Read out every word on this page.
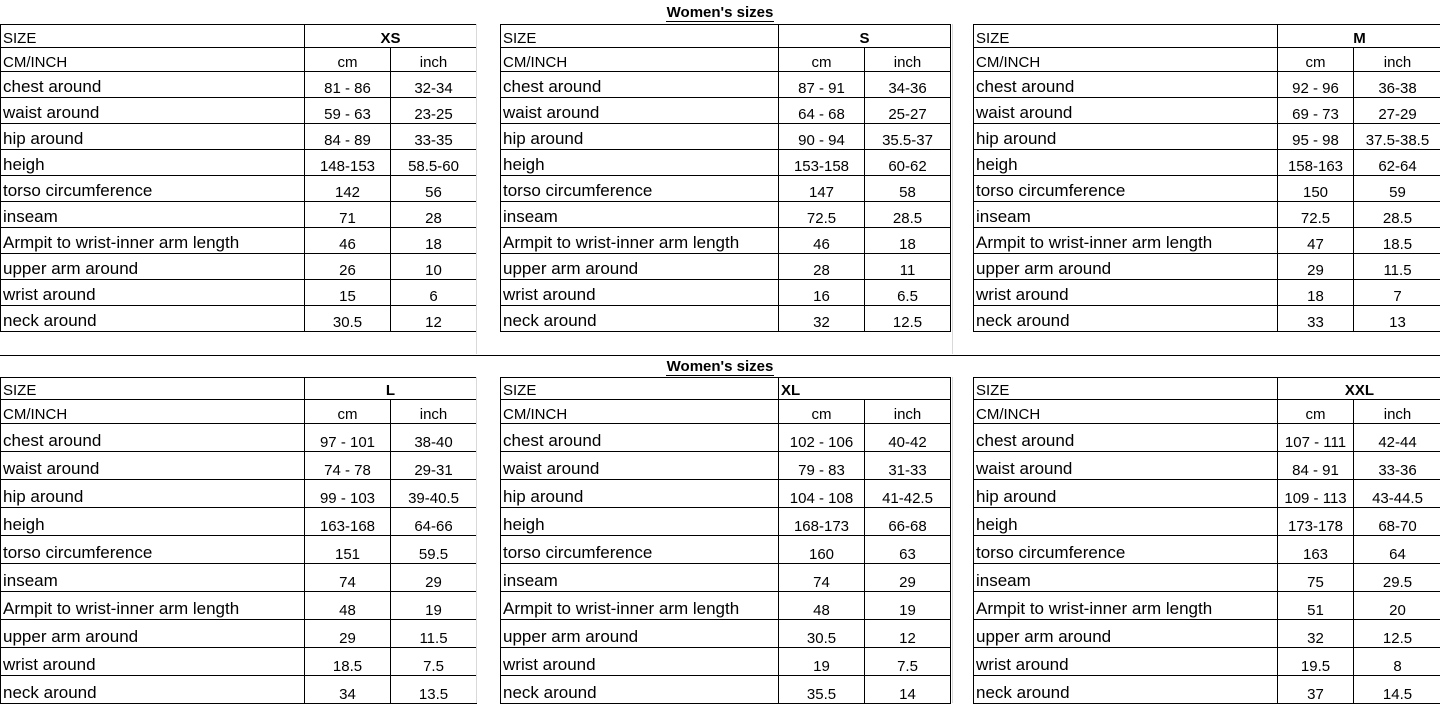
Women's sizes
SIZE	XS	
CM/INCH	cm	inch
chest around	81 - 86	32-34
waist around	59 - 63	23-25
hip around	84 - 89	33-35
heigh	148-153	58.5-60
torso circumference	142	56
inseam	71	28
Armpit to wrist-inner arm length	46	18
upper arm around	26	10
wrist around	15	6
neck around	30.5	12
SIZE	S	
CM/INCH	cm	inch
chest around	87 - 91	34-36
waist around	64 - 68	25-27
hip around	90 - 94	35.5-37
heigh	153-158	60-62
torso circumference	147	58
inseam	72.5	28.5
Armpit to wrist-inner arm length	46	18
upper arm around	28	11
wrist around	16	6.5
neck around	32	12.5
SIZE	M	
CM/INCH	cm	inch
chest around	92 - 96	36-38
waist around	69 - 73	27-29
hip around	95 - 98	37.5-38.5
heigh	158-163	62-64
torso circumference	150	59
inseam	72.5	28.5
Armpit to wrist-inner arm length	47	18.5
upper arm around	29	11.5
wrist around	18	7
neck around	33	13
Women's sizes
SIZE	L	
CM/INCH	cm	inch
chest around	97 - 101	38-40
waist around	74 - 78	29-31
hip around	99 - 103	39-40.5
heigh	163-168	64-66
torso circumference	151	59.5
inseam	74	29
Armpit to wrist-inner arm length	48	19
upper arm around	29	11.5
wrist around	18.5	7.5
neck around	34	13.5
SIZE	XL	
CM/INCH	cm	inch
chest around	102 - 106	40-42
waist around	79 - 83	31-33
hip around	104 - 108	41-42.5
heigh	168-173	66-68
torso circumference	160	63
inseam	74	29
Armpit to wrist-inner arm length	48	19
upper arm around	30.5	12
wrist around	19	7.5
neck around	35.5	14
SIZE	XXL	
CM/INCH	cm	inch
chest around	107 - 111	42-44
waist around	84 - 91	33-36
hip around	109 - 113	43-44.5
heigh	173-178	68-70
torso circumference	163	64
inseam	75	29.5
Armpit to wrist-inner arm length	51	20
upper arm around	32	12.5
wrist around	19.5	8
neck around	37	14.5
